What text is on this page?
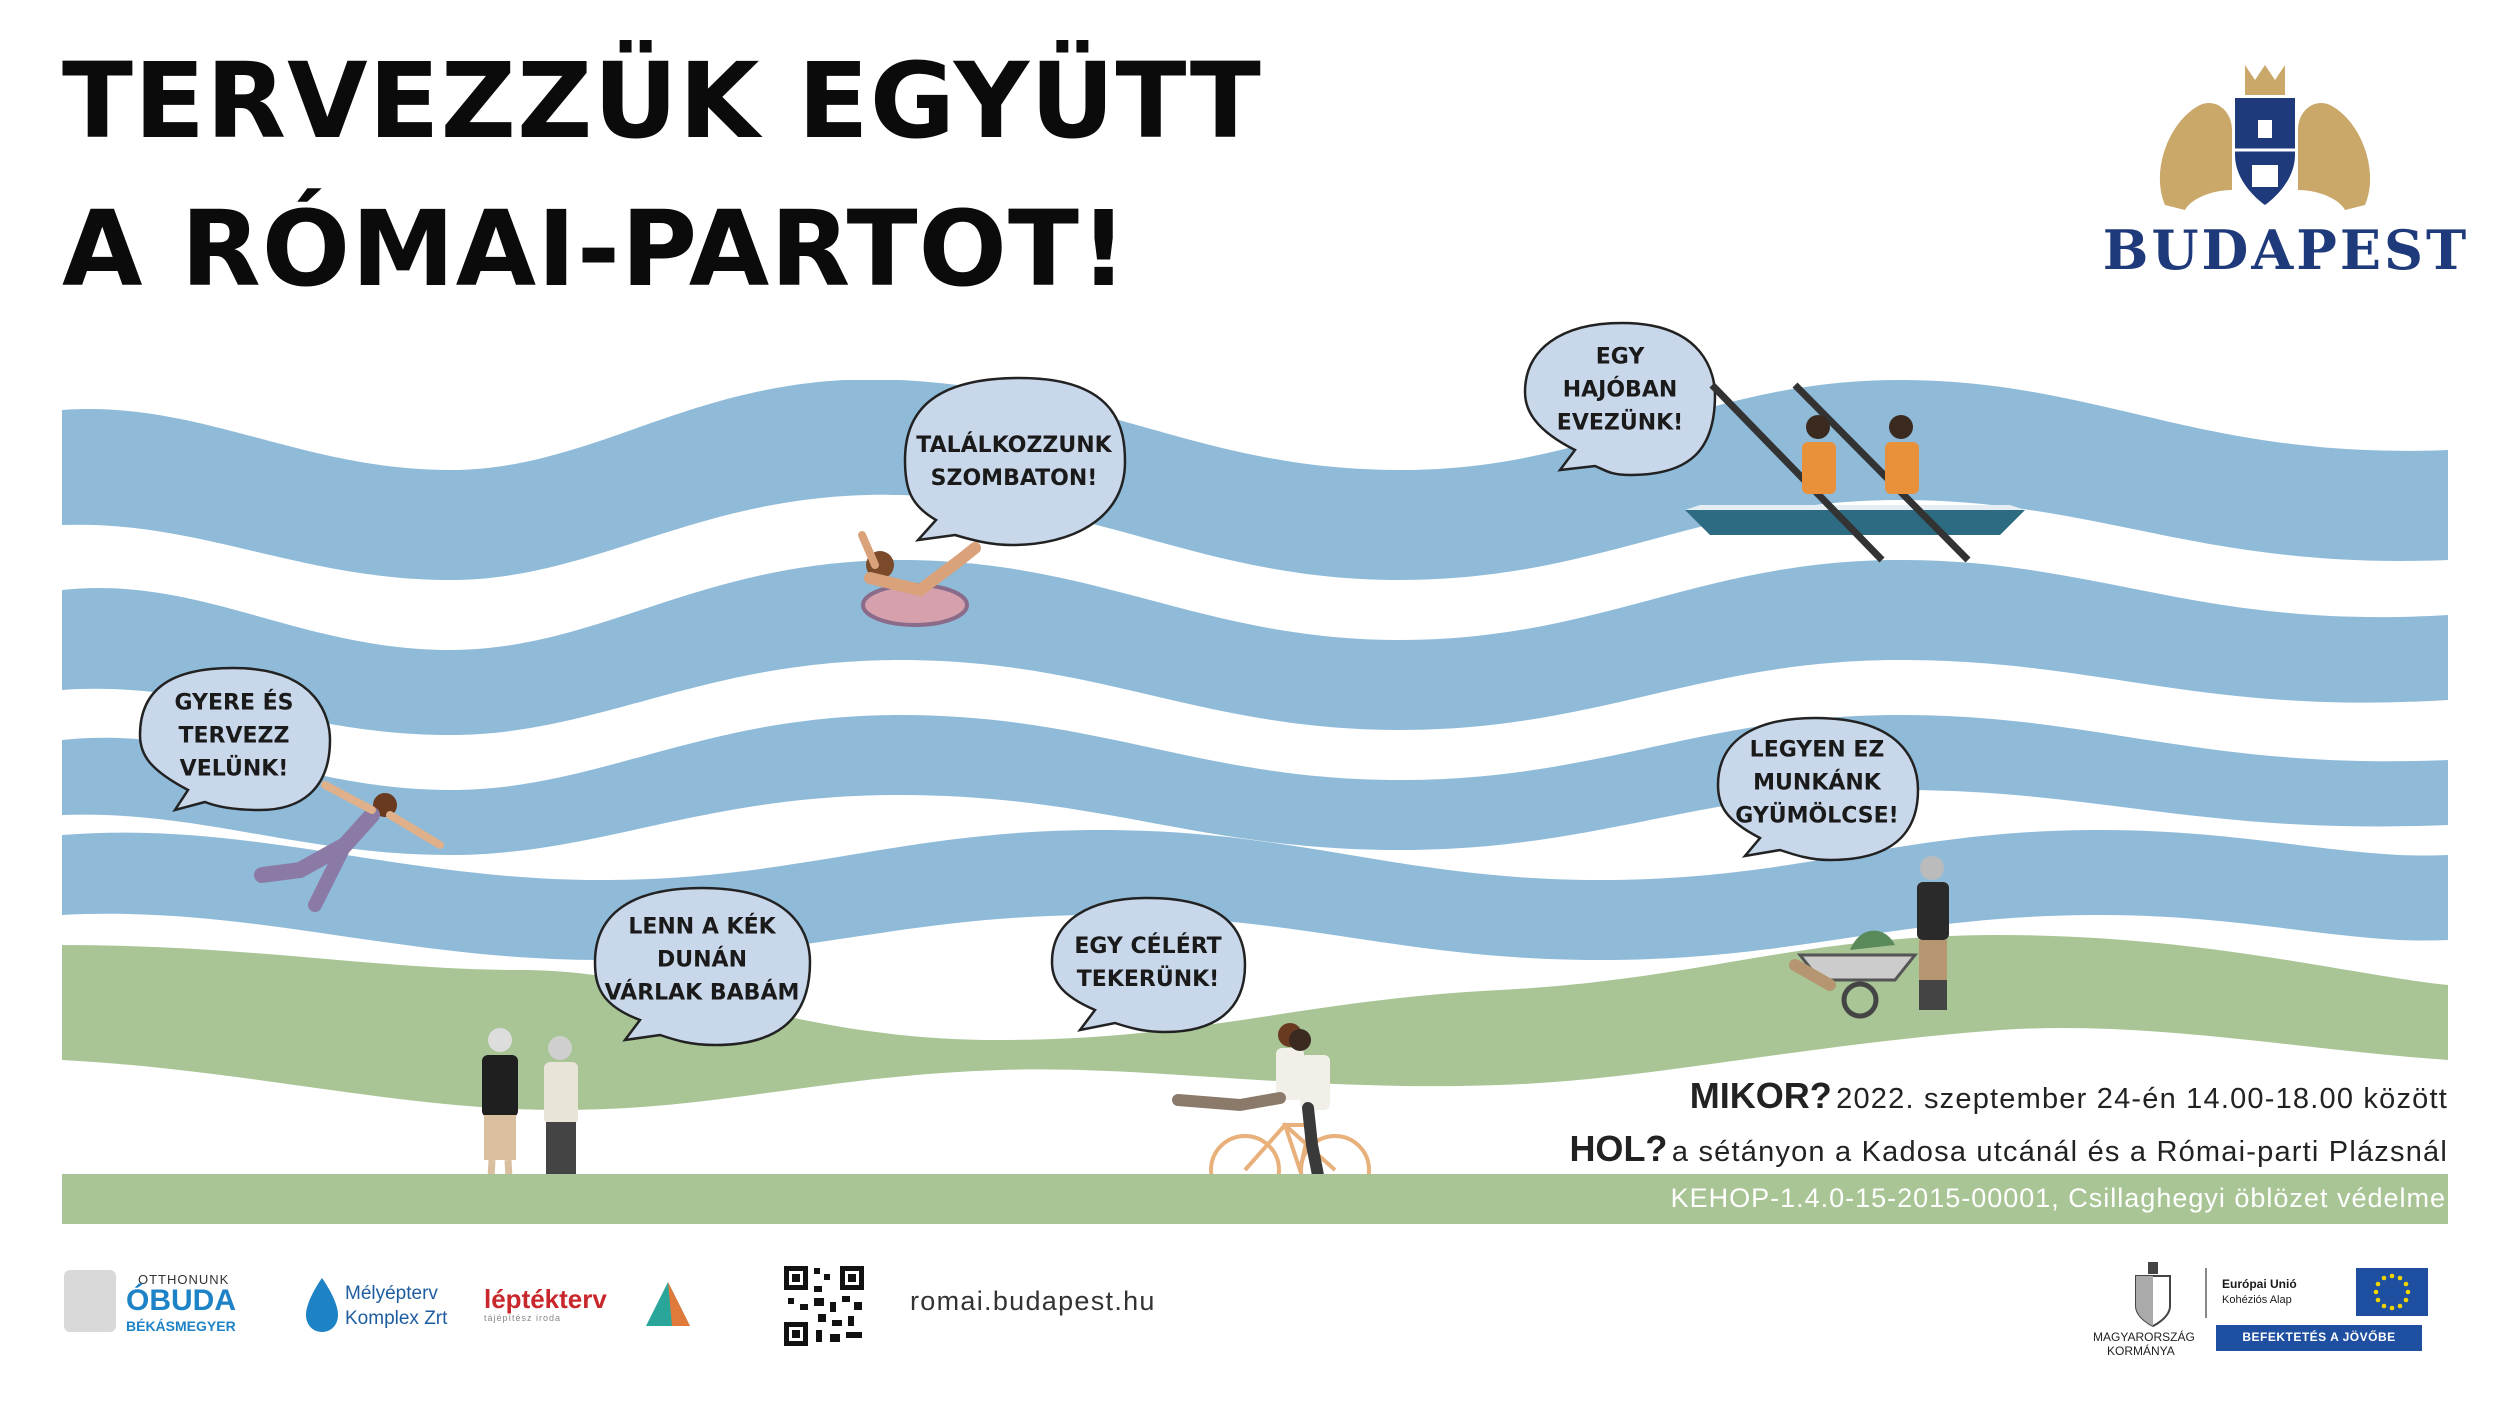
TERVEZZÜK EGYÜTT
A RÓMAI-PARTOT!	BUDAPEST
TALÁLKOZZUNK
SZOMBATON!
EGY
HAJÓBAN
EVEZÜNK!
GYERE ÉS
TERVEZZ
VELÜNK!
LEGYEN EZ
MUNKÁNK
GYÜMÖLCSE!
LENN A KÉK
DUNÁN
VÁRLAK BABÁM
EGY CÉLÉRT
TEKERÜNK!
MIKOR? 2022. szeptember 24-én 14.00-18.00 között
HOL? a sétányon a Kadosa utcánál és a Római-parti Plázsnál
KEHOP-1.4.0-15-2015-00001, Csillaghegyi öblözet védelme
OTTHONUNK
ÓBUDA
BÉKÁSMEGYER
Mélyépterv
Komplex Zrt
léptékterv
tájépítész iroda
romai.budapest.hu
MAGYARORSZÁG
KORMÁNYA
Európai Unió
Kohéziós Alap
BEFEKTETÉS A JÖVŐBE
